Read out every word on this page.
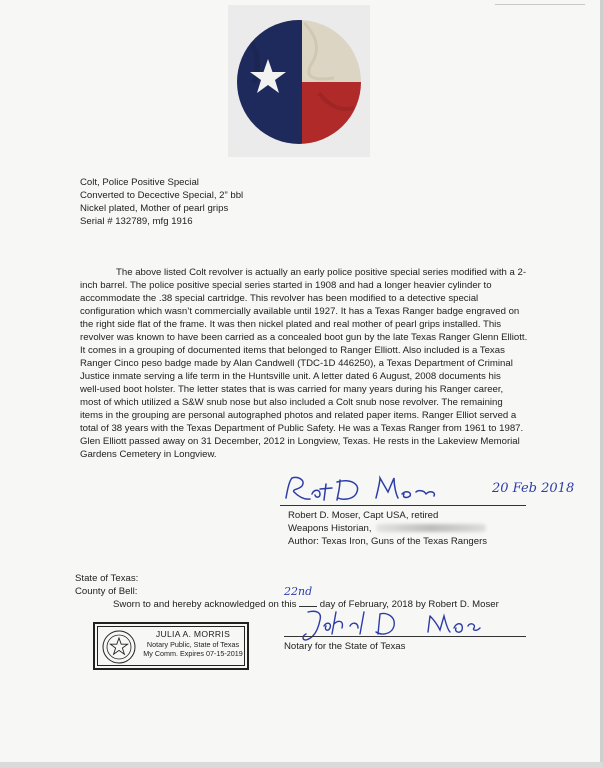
Colt, Police Positive Special
Converted to Decective Special, 2” bbl
Nickel plated, Mother of pearl grips
Serial # 132789, mfg 1916
The above listed Colt revolver is actually an early police positive special series modified with a 2-
inch barrel. The police positive special series started in 1908 and had a longer heavier cylinder to
accommodate the .38 special cartridge. This revolver has been modified to a detective special
configuration which wasn’t commercially available until 1927. It has a Texas Ranger badge engraved on
the right side flat of the frame. It was then nickel plated and real mother of pearl grips installed. This
revolver was known to have been carried as a concealed boot gun by the late Texas Ranger Glenn Elliott.
It comes in a grouping of documented items that belonged to Ranger Elliott. Also included is a Texas
Ranger Cinco peso badge made by Alan Candwell (TDC-1D 446250), a Texas Department of Criminal
Justice inmate serving a life term in the Huntsville unit. A letter dated 6 August, 2008 documents his
well-used boot holster. The letter states that is was carried for many years during his Ranger career,
most of which utilized a S&W snub nose but also included a Colt snub nose revolver. The remaining
items in the grouping are personal autographed photos and related paper items. Ranger Elliot served a
total of 38 years with the Texas Department of Public Safety. He was a Texas Ranger from 1961 to 1987.
Glen Elliott passed away on 31 December, 2012 in Longview, Texas. He rests in the Lakeview Memorial
Gardens Cemetery in Longview.
20 Feb 2018
Robert D. Moser, Capt USA, retired
Weapons Historian,
Author: Texas Iron, Guns of the Texas Rangers
State of Texas:
County of Bell:
Sworn to and hereby acknowledged on this  day of February, 2018 by Robert D. Moser
22nd
Notary for the State of Texas
JULIA A. MORRIS
Notary Public, State of Texas
My Comm. Expires 07-15-2019
